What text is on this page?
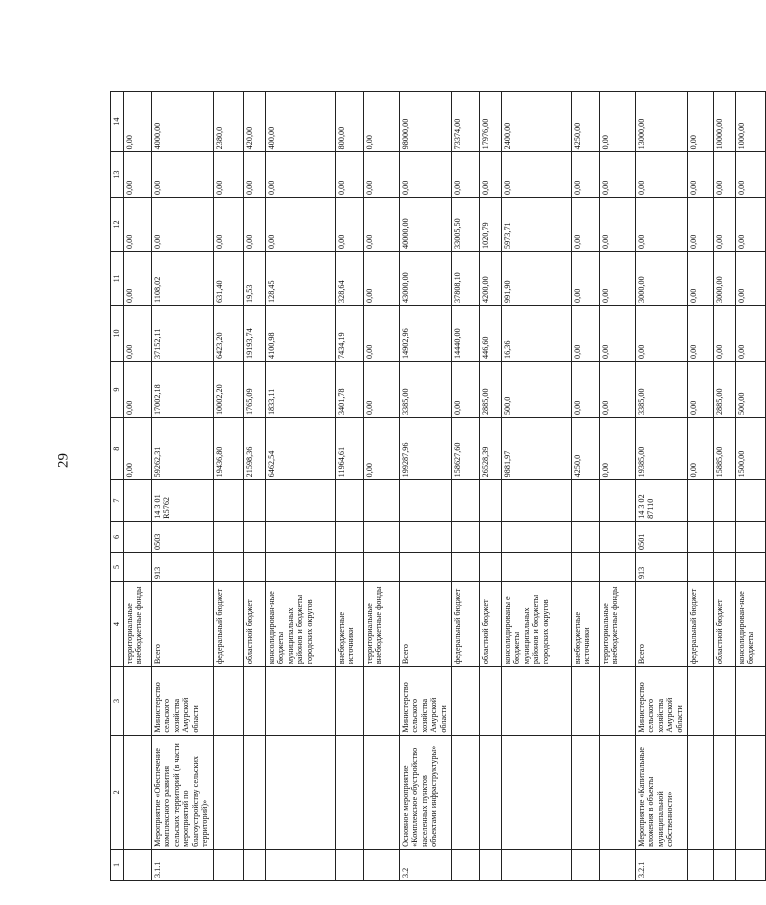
29
1	2	3	4	5	6	7	8	9	10	11	12	13	14
			территориальные внебюджетные фонды				0,00	0,00	0,00	0,00	0,00	0,00	0,00
3.1.1	Мероприятие «Обеспечение комплексного развития сельских территорий (в части мероприятий по благоустройству сельских территорий)»	Министерство сельского хозяйства Амурской области	Всего	913	0503	14 3 01 R5762	59262,31	17002,18	37152,11	1108,02	0,00	0,00	4000,00
			федеральный бюджет				19436,80	10002,20	6423,20	631,40	0,00	0,00	2380,0
			областной бюджет				21598,36	1765,09	19193,74	19,53	0,00	0,00	420,00
			консолидирован-ные бюджеты муниципальных районов и бюджеты городских округов				6462,54	1833,11	4100,98	128,45	0,00	0,00	400,00
			внебюджетные источники				11964,61	3401,78	7434,19	328,64	0,00	0,00	800,00
			территориальные внебюджетные фонды				0,00	0,00	0,00	0,00	0,00	0,00	0,00
3.2	Основное мероприятие «Комплексное обустройство населенных пунктов объектами инфраструктуры»	Министерство сельского хозяйства Амурской области	Всего				199287,96	3385,00	14902,96	43000,00	40000,00	0,00	98000,00
			федеральный бюджет				158627,60	0,00	14440,00	37808,10	33005,50	0,00	73374,00
			областной бюджет				26528,39	2885,00	446,60	4200,00	1020,79	0,00	17976,00
			консолидированы е бюджеты муниципальных районов и бюджеты городских округов				9881,97	500,0	16,36	991,90	5973,71	0,00	2400,00
			внебюджетные источники				4250,0	0,00	0,00	0,00	0,00	0,00	4250,00
			территориальные внебюджетные фонды				0,00	0,00	0,00	0,00	0,00	0,00	0,00
3.2.1	Мероприятие «Капитальные вложения в объекты муниципальной собственности»	Министерство сельского хозяйства Амурской области	Всего	913	0501	14 3 02 87110	19385,00	3385,00	0,00	3000,00	0,00	0,00	13000,00
			федеральный бюджет				0,00	0,00	0,00	0,00	0,00	0,00	0,00
			областной бюджет				15885,00	2885,00	0,00	3000,00	0,00	0,00	10000,00
			консолидирован-ные бюджеты				1500,00	500,00	0,00	0,00	0,00	0,00	1000,00
